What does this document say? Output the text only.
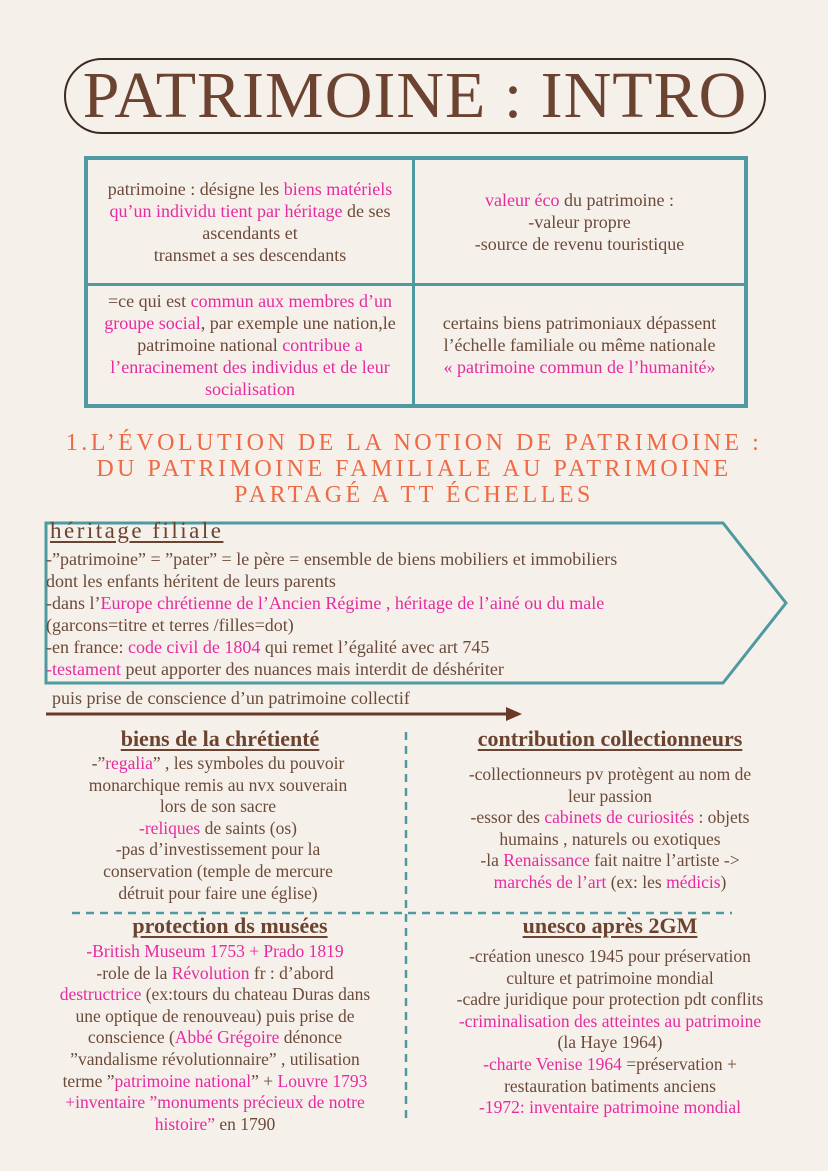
PATRIMOINE : INTRO
patrimoine : désigne les biens matériels qu’un individu tient par héritage de ses ascendants et
transmet a ses descendants
valeur éco du patrimoine :
-valeur propre
-source de revenu touristique
=ce qui est commun aux membres d’un groupe social, par exemple une nation,le patrimoine national contribue a l’enracinement des individus et de leur socialisation
certains biens patrimoniaux dépassent l’échelle familiale ou même nationale
« patrimoine commun de l’humanité»
1.L’ÉVOLUTION DE LA NOTION DE PATRIMOINE :
DU PATRIMOINE FAMILIALE AU PATRIMOINE
PARTAGÉ A TT ÉCHELLES
héritage filiale
-”patrimoine” = ”pater” = le père = ensemble de biens mobiliers et immobiliers
dont les enfants héritent de leurs parents
-dans l’Europe chrétienne de l’Ancien Régime , héritage de l’ainé ou du male
(garcons=titre et terres /filles=dot)
-en france: code civil de 1804 qui remet l’égalité avec art 745
-testament peut apporter des nuances mais interdit de déshériter
puis prise de conscience d’un patrimoine collectif
biens de la chrétienté
-”regalia” , les symboles du pouvoir
monarchique remis au nvx souverain
lors de son sacre
-reliques de saints (os)
-pas d’investissement pour la
conservation (temple de mercure
détruit pour faire une église)
contribution collectionneurs
-collectionneurs pv protègent au nom de
leur passion
-essor des cabinets de curiosités : objets
humains , naturels ou exotiques
-la Renaissance fait naitre l’artiste ->
marchés de l’art (ex: les médicis)
protection ds musées
-British Museum 1753 + Prado 1819
-role de la Révolution fr : d’abord
destructrice (ex:tours du chateau Duras dans
une optique de renouveau) puis prise de
conscience (Abbé Grégoire dénonce
”vandalisme révolutionnaire” , utilisation
terme ”patrimoine national” + Louvre 1793
+inventaire ”monuments précieux de notre
histoire” en 1790
unesco après 2GM
-création unesco 1945 pour préservation
culture et patrimoine mondial
-cadre juridique pour protection pdt conflits
-criminalisation des atteintes au patrimoine
(la Haye 1964)
-charte Venise 1964 =préservation +
restauration batiments anciens
-1972: inventaire patrimoine mondial
